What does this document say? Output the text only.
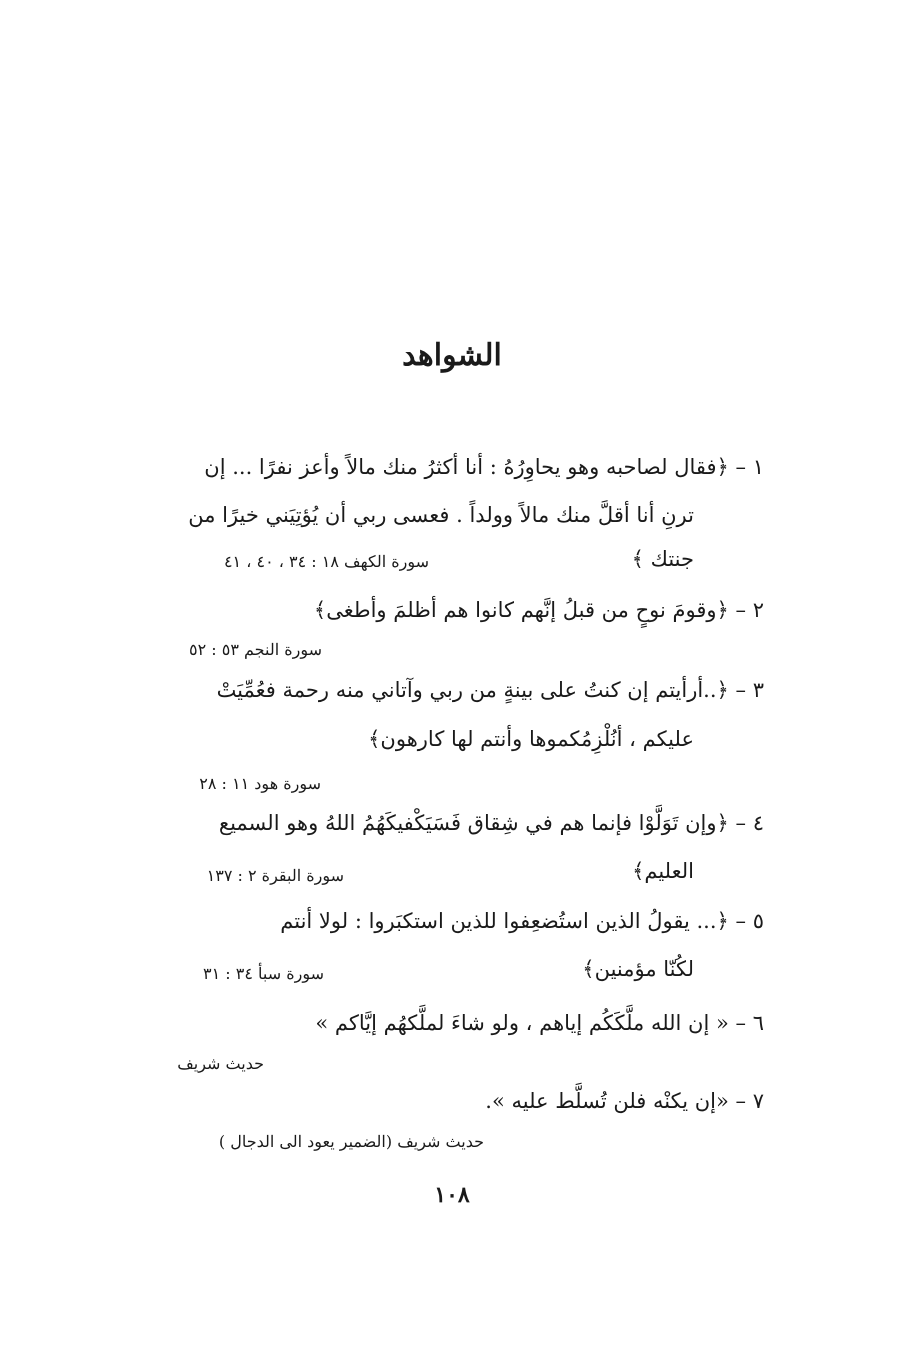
الشواهد
١ – ﴿فقال لصاحبه وهو يحاوِرُهُ : أنا أكثرُ منك مالاً وأعز نفرًا ... إن
ترنِ أنا أقلَّ منك مالاً وولداً . فعسى ربي أن يُؤتِيَني خيرًا من
جنتك ﴾
سورة الكهف ١٨ : ٣٤ ، ٤٠ ، ٤١
٢ – ﴿وقومَ نوحٍ من قبلُ إنَّهم كانوا هم أظلمَ وأطغى﴾
سورة النجم ٥٣ : ٥٢
٣ – ﴿..أرأيتم إن كنتُ على بينةٍ من ربي وآتاني منه رحمة فعُمِّيَتْ
عليكم ، أنُلْزِمُكموها وأنتم لها كارهون﴾
سورة هود ١١ : ٢٨
٤ – ﴿وإن تَوَلَّوْا فإنما هم في شِقاق فَسَيَكْفيكَهُمُ اللهُ وهو السميع
العليم﴾
سورة البقرة ٢ : ١٣٧
٥ – ﴿... يقولُ الذين استُضعِفوا للذين استكبَروا : لولا أنتم
لكُنّا مؤمنين﴾
سورة سبأ ٣٤ : ٣١
٦ – « إن الله ملَّكَكُم إياهم ، ولو شاءَ لملَّكهُم إيَّاكم »
حديث شريف
٧ – «إن يكنْه فلن تُسلَّط عليه ».
حديث شريف (الضمير يعود الى الدجال )
١٠٨
